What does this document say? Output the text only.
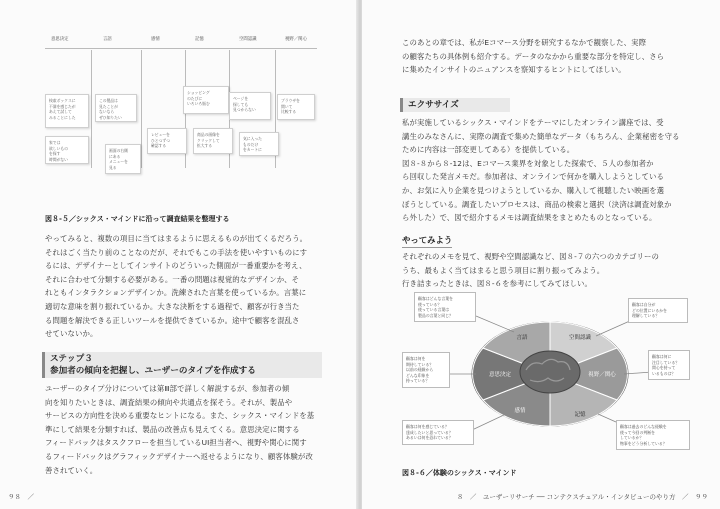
意思決定	言語	感情	記憶	空間認識	視野／関心
検索ボックスに
不満を感じたが
あえて試して
みることにした
この製品は
見たことが
ないなら
ぜひ知りたい
家では
欲しいもの
を探す
時間がない
ショッピング
のたびに
いろいろ悩む
ページを
探しても
見つからない
ブラウザを
開いて
比較する
レビューを
ひとつずつ
確認する
商品の画像を
クリックして
拡大する
画面の右側
にある
メニューを
見る
気に入った
ものだけ
をカートに
図８-５／シックス・マインドに沿って調査結果を整理する
やってみると、複数の項目に当てはまるように思えるものが出てくるだろう。
それはごく当たり前のことなのだが、それでもこの手法を使いやすいものにす
るには、デザイナーとしてインサイトのどういった側面が一番重要かを考え、
それに合わせて分類する必要がある。一番の問題は視覚的なデザインか、そ
れともインタラクションデザインか。洗練された言葉を使っているか。言葉に
適切な意味を割り振れているか。大きな決断をする過程で、顧客が行き当た
る問題を解決できる正しいツールを提供できているか。途中で顧客を混乱さ
せていないか。
ステップ３
参加者の傾向を把握し、ユーザーのタイプを作成する
ユーザーのタイプ分けについては第Ⅲ部で詳しく解説するが、参加者の傾
向を知りたいときは、調査結果の傾向や共通点を探そう。それが、製品や
サービスの方向性を決める重要なヒントになる。また、シックス・マインドを基
準にして結果を分類すれば、製品の改善点も見えてくる。意思決定に関する
フィードバックはタスクフローを担当しているUI担当者へ、視野や関心に関す
るフィードバックはグラフィックデザイナーへ返せるようになり、顧客体験が改
善されていく。
９８　／
このあとの章では、私がEコマース分野を研究するなかで観察した、実際
の顧客たちの具体例も紹介する。データのなかから重要な部分を特定し、さら
に集めたインサイトのニュアンスを察知するヒントにしてほしい。
エクササイズ
私が実施しているシックス・マインドをテーマにしたオンライン講座では、受
講生のみなさんに、実際の調査で集めた簡単なデータ（もちろん、企業秘密を守る
ために内容は一部変更してある）を提供している。
図８-８から８-12は、Eコマース業界を対象とした探索で、５人の参加者か
ら回収した発言メモだ。参加者は、オンラインで何かを購入しようとしている
か、お気に入り企業を見つけようとしているか、購入して視聴したい映画を選
ぼうとしている。調査したいプロセスは、商品の検索と選択（決済は調査対象か
ら外した）で、図で紹介するメモは調査結果をまとめたものとなっている。
やってみよう
それぞれのメモを見て、視野や空間認識など、図８-７の六つのカテゴリーの
うち、最もよく当てはまると思う項目に割り振ってみよう。
行き詰まったときは、図８-６を参考にしてみてほしい。
言語	空間認識
視野／関心
記憶
感情
意思決定
顧客はどんな言葉を
使っている？
使っている言葉は
製品の言葉と同じ？
顧客は自分が
どの位置にいるかを
理解している？
顧客は何に
注目している？
関心を持って
いるものは？
顧客は何を
期待している？
以前の経験から
どんな印象を
持っている？
顧客は何を感じている？
達成したいと思っている？
あるいは何を恐れている？
顧客は過去のどんな経験を
使って今回の判断を
しているか？
物事をどう分析している？
図８-６／体験のシックス・マインド
８　／　ユーザーリサーチ ── コンテクスチュアル・インタビューのやり方　／　９９
